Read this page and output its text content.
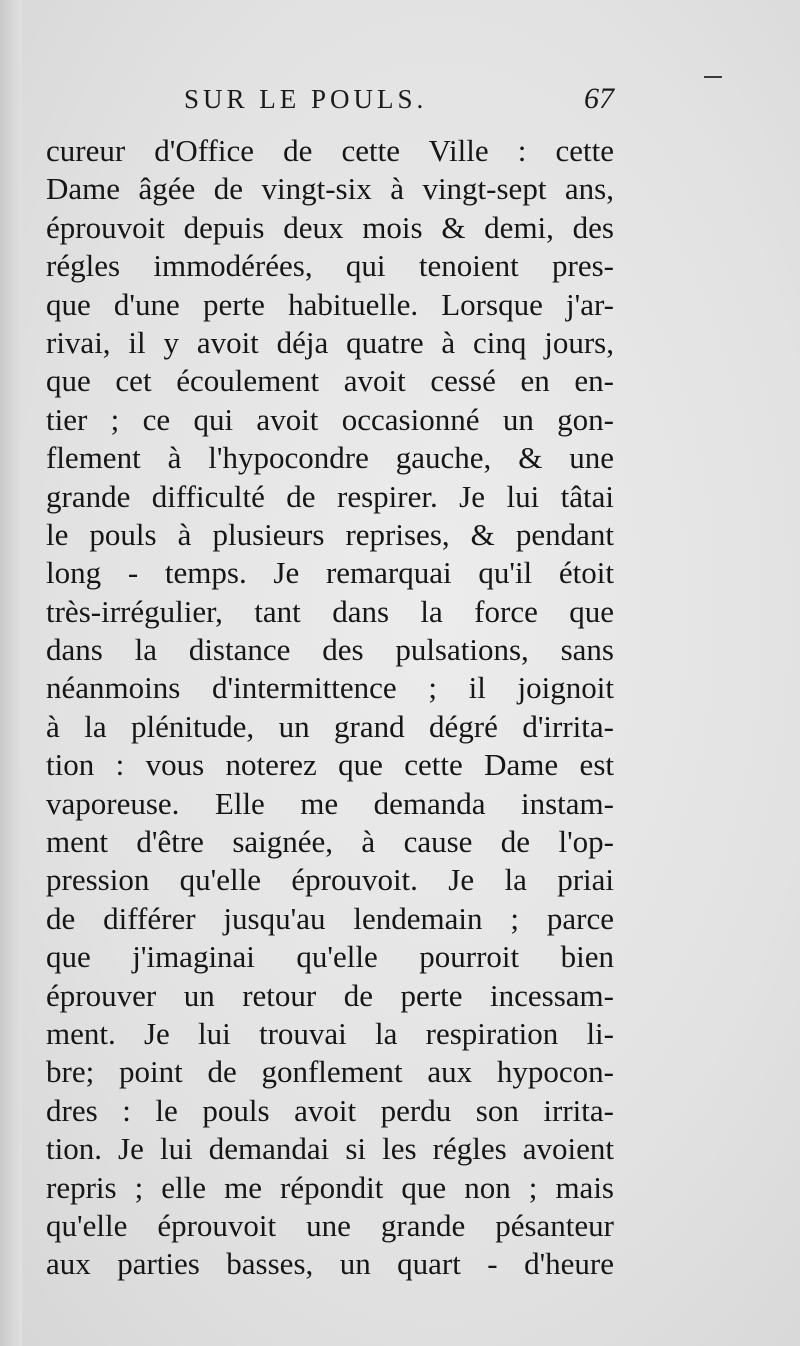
SUR LE POULS.	67
cureur d'Office de cette Ville : cette
Dame âgée de vingt-six à vingt-sept ans,
éprouvoit depuis deux mois & demi, des
régles immodérées, qui tenoient pres-
que d'une perte habituelle. Lorsque j'ar-
rivai, il y avoit déja quatre à cinq jours,
que cet écoulement avoit cessé en en-
tier ; ce qui avoit occasionné un gon-
flement à l'hypocondre gauche, & une
grande difficulté de respirer. Je lui tâtai
le pouls à plusieurs reprises, & pendant
long - temps. Je remarquai qu'il étoit
très-irrégulier, tant dans la force que
dans la distance des pulsations, sans
néanmoins d'intermittence ; il joignoit
à la plénitude, un grand dégré d'irrita-
tion : vous noterez que cette Dame est
vaporeuse. Elle me demanda instam-
ment d'être saignée, à cause de l'op-
pression qu'elle éprouvoit. Je la priai
de différer jusqu'au lendemain ; parce
que j'imaginai qu'elle pourroit bien
éprouver un retour de perte incessam-
ment. Je lui trouvai la respiration li-
bre; point de gonflement aux hypocon-
dres : le pouls avoit perdu son irrita-
tion. Je lui demandai si les régles avoient
repris ; elle me répondit que non ; mais
qu'elle éprouvoit une grande pésanteur
aux parties basses, un quart - d'heure
